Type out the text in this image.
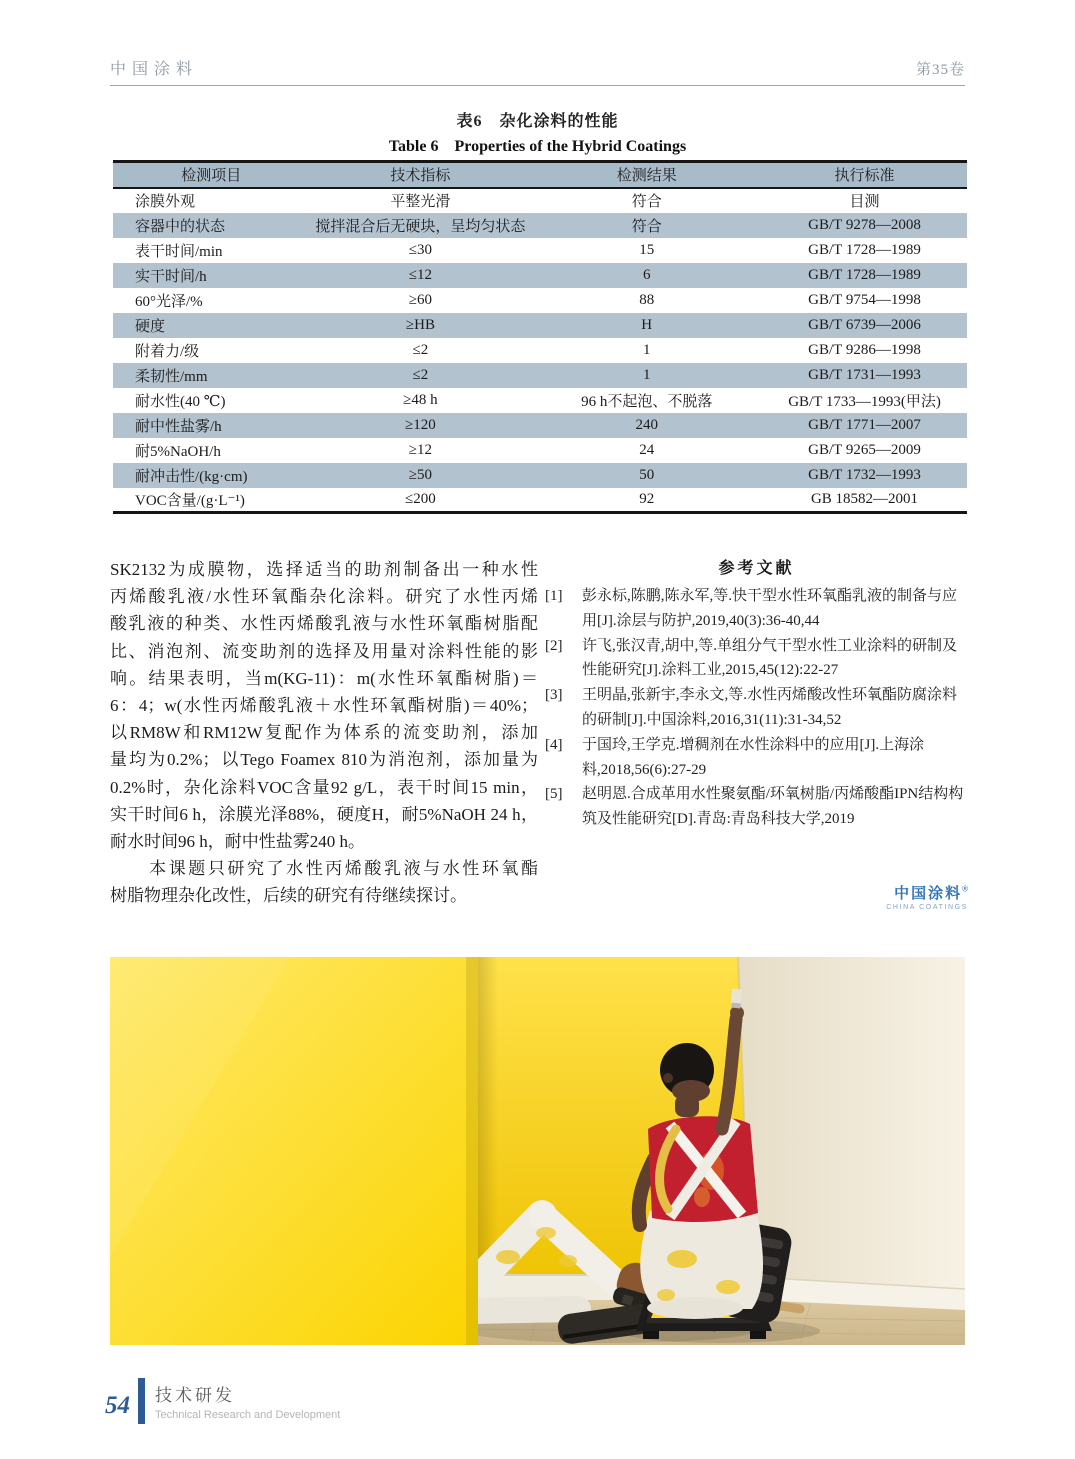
中国涂料	第35卷
表6　杂化涂料的性能
Table 6　Properties of the Hybrid Coatings
检测项目	技术指标	检测结果	执行标准
涂膜外观	平整光滑	符合	目测
容器中的状态	搅拌混合后无硬块，呈均匀状态	符合	GB/T 9278—2008
表干时间/min	≤30	15	GB/T 1728—1989
实干时间/h	≤12	6	GB/T 1728—1989
60°光泽/%	≥60	88	GB/T 9754—1998
硬度	≥HB	H	GB/T 6739—2006
附着力/级	≤2	1	GB/T 9286—1998
柔韧性/mm	≤2	1	GB/T 1731—1993
耐水性(40 ℃)	≥48 h	96 h不起泡、不脱落	GB/T 1733—1993(甲法)
耐中性盐雾/h	≥120	240	GB/T 1771—2007
耐5%NaOH/h	≥12	24	GB/T 9265—2009
耐冲击性/(kg·cm)	≥50	50	GB/T 1732—1993
VOC含量/(g·L⁻¹)	≤200	92	GB 18582—2001
SK2132为成膜物，选择适当的助剂制备出一种水性
丙烯酸乳液/水性环氧酯杂化涂料。研究了水性丙烯
酸乳液的种类、水性丙烯酸乳液与水性环氧酯树脂配
比、消泡剂、流变助剂的选择及用量对涂料性能的影
响。结果表明，当m(KG-11)：m(水性环氧酯树脂)＝
6：4；w(水性丙烯酸乳液＋水性环氧酯树脂)＝40%；
以RM8W和RM12W复配作为体系的流变助剂，添加
量均为0.2%；以Tego Foamex 810为消泡剂，添加量为
0.2%时，杂化涂料VOC含量92 g/L，表干时间15 min，
实干时间6 h，涂膜光泽88%，硬度H，耐5%NaOH 24 h，
耐水时间96 h，耐中性盐雾240 h。
　　本课题只研究了水性丙烯酸乳液与水性环氧酯
树脂物理杂化改性，后续的研究有待继续探讨。
参考文献
[1] 彭永标,陈鹏,陈永军,等.快干型水性环氧酯乳液的制备与应用[J].涂层与防护,2019,40(3):36-40,44
[2] 许飞,张汉青,胡中,等.单组分气干型水性工业涂料的研制及性能研究[J].涂料工业,2015,45(12):22-27
[3] 王明晶,张新宇,李永文,等.水性丙烯酸改性环氧酯防腐涂料的研制[J].中国涂料,2016,31(11):31-34,52
[4] 于国玲,王学克.增稠剂在水性涂料中的应用[J].上海涂料,2018,56(6):27-29
[5] 赵明恩.合成革用水性聚氨酯/环氧树脂/丙烯酸酯IPN结构构筑及性能研究[D].青岛:青岛科技大学,2019
中国涂料®
CHINA COATINGS
54	技术研发
Technical Research and Development
